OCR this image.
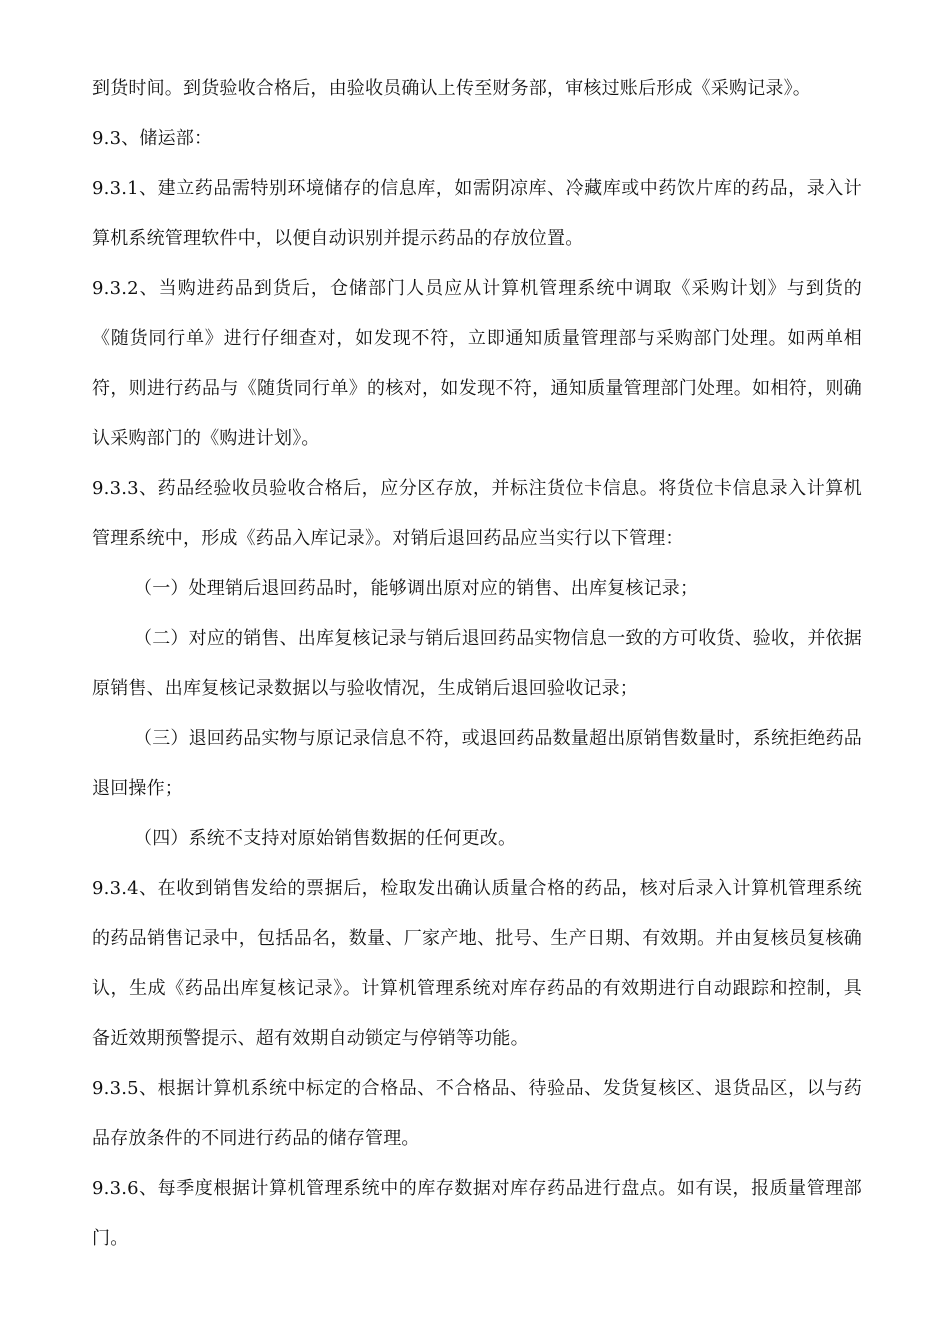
到货时间。到货验收合格后，由验收员确认上传至财务部，审核过账后形成《采购记录》。

9.3、储运部：

9.3.1、建立药品需特别环境储存的信息库，如需阴凉库、冷藏库或中药饮片库的药品，录入计算机系统管理软件中，以便自动识别并提示药品的存放位置。

9.3.2、当购进药品到货后，仓储部门人员应从计算机管理系统中调取《采购计划》与到货的《随货同行单》进行仔细查对，如发现不符，立即通知质量管理部与采购部门处理。如两单相符，则进行药品与《随货同行单》的核对，如发现不符，通知质量管理部门处理。如相符，则确认采购部门的《购进计划》。

9.3.3、药品经验收员验收合格后，应分区存放，并标注货位卡信息。将货位卡信息录入计算机管理系统中，形成《药品入库记录》。对销后退回药品应当实行以下管理：

（一）处理销后退回药品时，能够调出原对应的销售、出库复核记录；

（二）对应的销售、出库复核记录与销后退回药品实物信息一致的方可收货、验收，并依据原销售、出库复核记录数据以与验收情况，生成销后退回验收记录；

（三）退回药品实物与原记录信息不符，或退回药品数量超出原销售数量时，系统拒绝药品退回操作；

（四）系统不支持对原始销售数据的任何更改。

9.3.4、在收到销售发给的票据后，检取发出确认质量合格的药品，核对后录入计算机管理系统的药品销售记录中，包括品名，数量、厂家产地、批号、生产日期、有效期。并由复核员复核确认，生成《药品出库复核记录》。计算机管理系统对库存药品的有效期进行自动跟踪和控制，具备近效期预警提示、超有效期自动锁定与停销等功能。

9.3.5、根据计算机系统中标定的合格品、不合格品、待验品、发货复核区、退货品区，以与药品存放条件的不同进行药品的储存管理。

9.3.6、每季度根据计算机管理系统中的库存数据对库存药品进行盘点。如有误，报质量管理部门。
